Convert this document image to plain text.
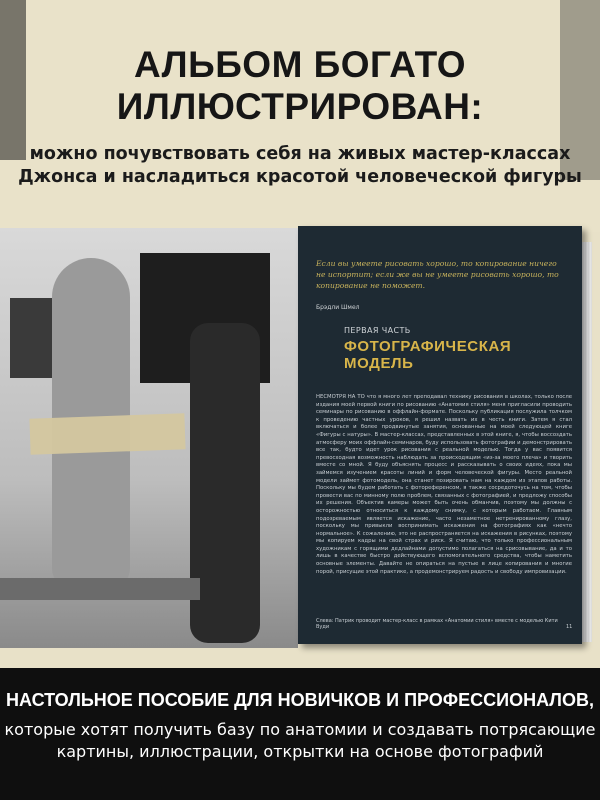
АЛЬБОМ БОГАТО
ИЛЛЮСТРИРОВАН:
можно почувствовать себя на живых мастер-классах
Джонса и насладиться красотой человеческой фигуры
Если вы умеете рисовать хорошо, то копирование ничего не испортит; если же вы не умеете рисовать хорошо, то копирование не поможет.
Брэдли Шмел
ПЕРВАЯ ЧАСТЬ
ФОТОГРАФИЧЕСКАЯ МОДЕЛЬ
НЕСМОТРЯ НА ТО что я много лет преподавал технику рисования в школах, только после издания моей первой книги по рисованию «Анатомия стиля» меня пригласили проводить семинары по рисованию в оффлайн-формате. Поскольку публикация послужила толчком к проведению частных уроков, я решил назвать их в честь книги. Затем я стал включаться и более продвинутые занятия, основанные на моей следующей книге «Фигуры с натуры». В мастер-классах, представленных в этой книге, я, чтобы воссоздать атмосферу моих оффлайн-семинаров, буду использовать фотографии и демонстрировать все так, будто идет урок рисования с реальной моделью. Тогда у вас появится превосходная возможность наблюдать за происходящим «из-за моего плеча» и творить вместе со мной. Я буду объяснять процесс и рассказывать о своих идеях, пока мы займемся изучением красоты линий и форм человеческой фигуры. Место реальной модели займет фотомодель, она станет позировать нам на каждом из этапов работы. Поскольку мы будем работать с фотореференсом, я также сосредоточусь на том, чтобы провести вас по минному полю проблем, связанных с фотографией, и предложу способы их решения. Объектив камеры может быть очень обманчив, поэтому мы должны с осторожностью относиться к каждому снимку, с которым работаем. Главным подозреваемым является искажение, часто незаметное нетренированному глазу, поскольку мы привыкли воспринимать искажения на фотографиях как «нечто нормальное». К сожалению, это не распространяется на искажения в рисунках, поэтому мы копируем кадры на свой страх и риск. Я считаю, что только профессиональным художникам с горящими дедлайнами допустимо полагаться на срисовывание, да и то лишь в качестве быстро действующего вспомогательного средства, чтобы наметить основные элементы. Давайте не опираться на пустые в лице копирования и многие порой, присущие этой практике, а продемонстрируем радость и свободу импровизации.
Слева: Патрик проводит мастер-класс в рамках «Анатомии стиля» вместе с моделью Кити Вуди	11
НАСТОЛЬНОЕ ПОСОБИЕ ДЛЯ НОВИЧКОВ И ПРОФЕССИОНАЛОВ,
которые хотят получить базу по анатомии и создавать потрясающие
картины, иллюстрации, открытки на основе фотографий
